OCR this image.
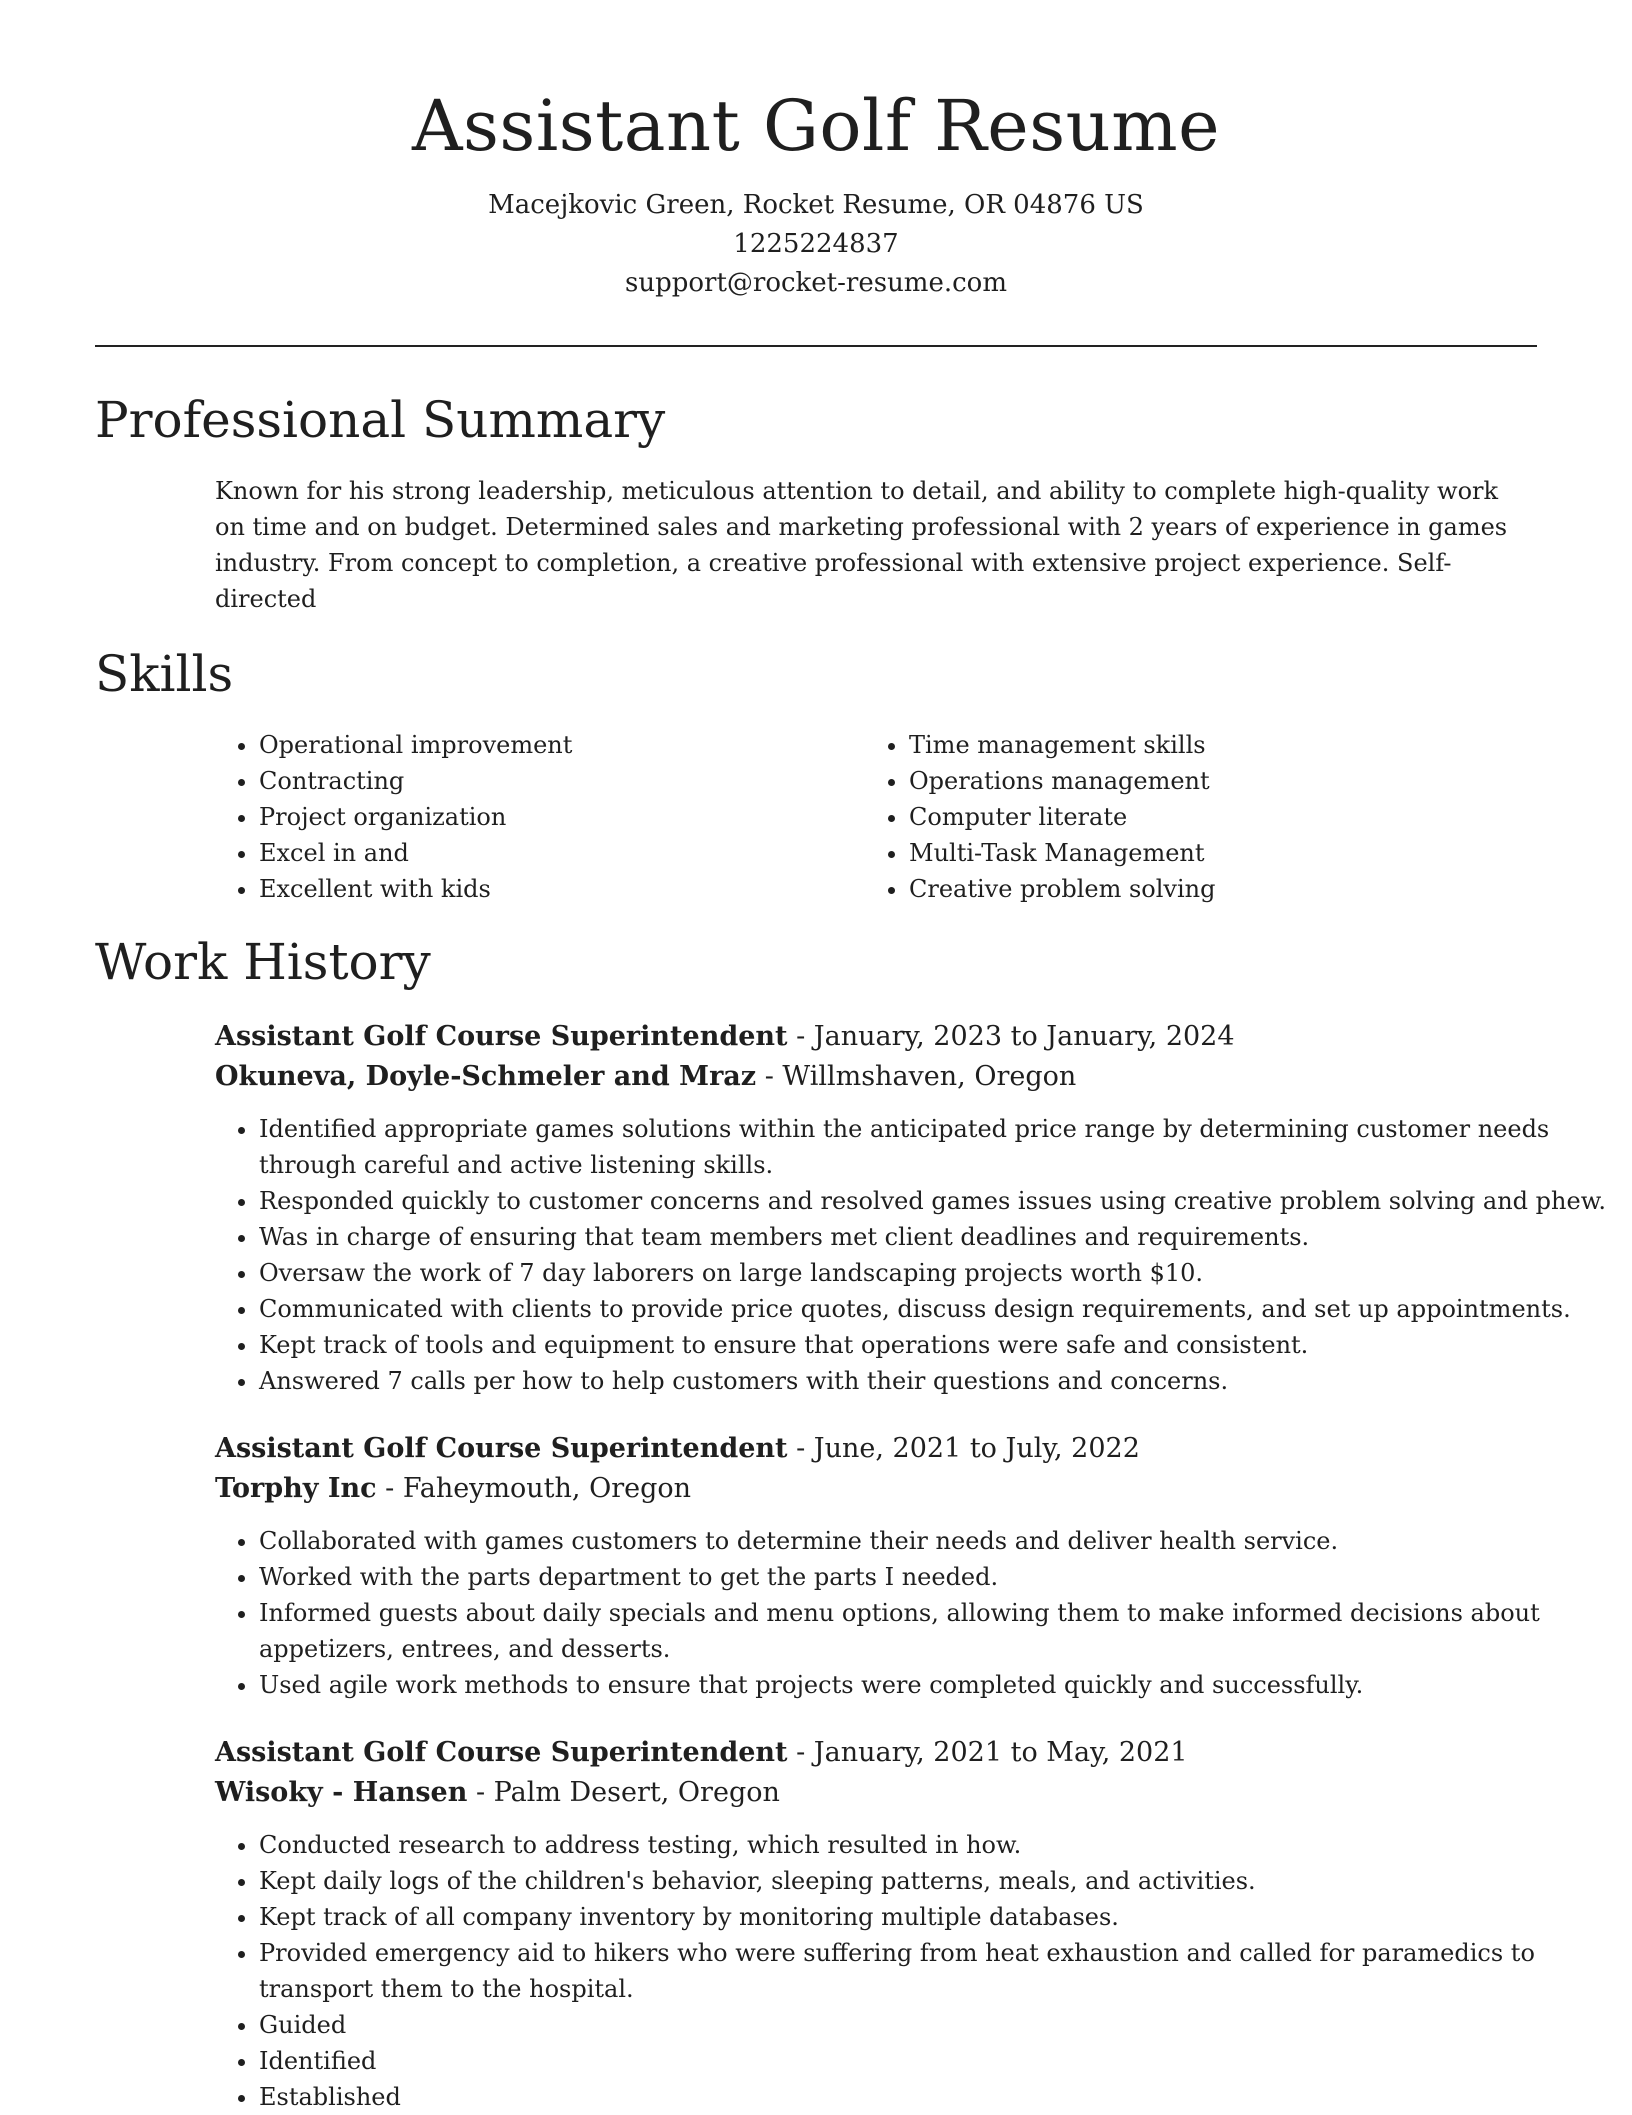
Assistant Golf Resume

Macejkovic Green, Rocket Resume, OR 04876 US

1225224837

support@rocket-resume.com

Professional Summary

Known for his strong leadership, meticulous attention to detail, and ability to complete high-quality work on time and on budget. Determined sales and marketing professional with 2 years of experience in games industry. From concept to completion, a creative professional with extensive project experience. Self-directed

Skills
• Operational improvement
• Contracting
• Project organization
• Excel in and
• Excellent with kids
• Time management skills
• Operations management
• Computer literate
• Multi-Task Management
• Creative problem solving
Work History

Assistant Golf Course Superintendent - January, 2023 to January, 2024

Okuneva, Doyle-Schmeler and Mraz - Willmshaven, Oregon

• Identified appropriate games solutions within the anticipated price range by determining customer needs through careful and active listening skills.
• Responded quickly to customer concerns and resolved games issues using creative problem solving and phew.
• Was in charge of ensuring that team members met client deadlines and requirements.
• Oversaw the work of 7 day laborers on large landscaping projects worth $10.
• Communicated with clients to provide price quotes, discuss design requirements, and set up appointments.
• Kept track of tools and equipment to ensure that operations were safe and consistent.
• Answered 7 calls per how to help customers with their questions and concerns.

Assistant Golf Course Superintendent - June, 2021 to July, 2022

Torphy Inc - Faheymouth, Oregon

• Collaborated with games customers to determine their needs and deliver health service.
• Worked with the parts department to get the parts I needed.
• Informed guests about daily specials and menu options, allowing them to make informed decisions about appetizers, entrees, and desserts.
• Used agile work methods to ensure that projects were completed quickly and successfully.

Assistant Golf Course Superintendent - January, 2021 to May, 2021

Wisoky - Hansen - Palm Desert, Oregon

• Conducted research to address testing, which resulted in how.
• Kept daily logs of the children's behavior, sleeping patterns, meals, and activities.
• Kept track of all company inventory by monitoring multiple databases.
• Provided emergency aid to hikers who were suffering from heat exhaustion and called for paramedics to transport them to the hospital.
• Guided
• Identified
• Established
